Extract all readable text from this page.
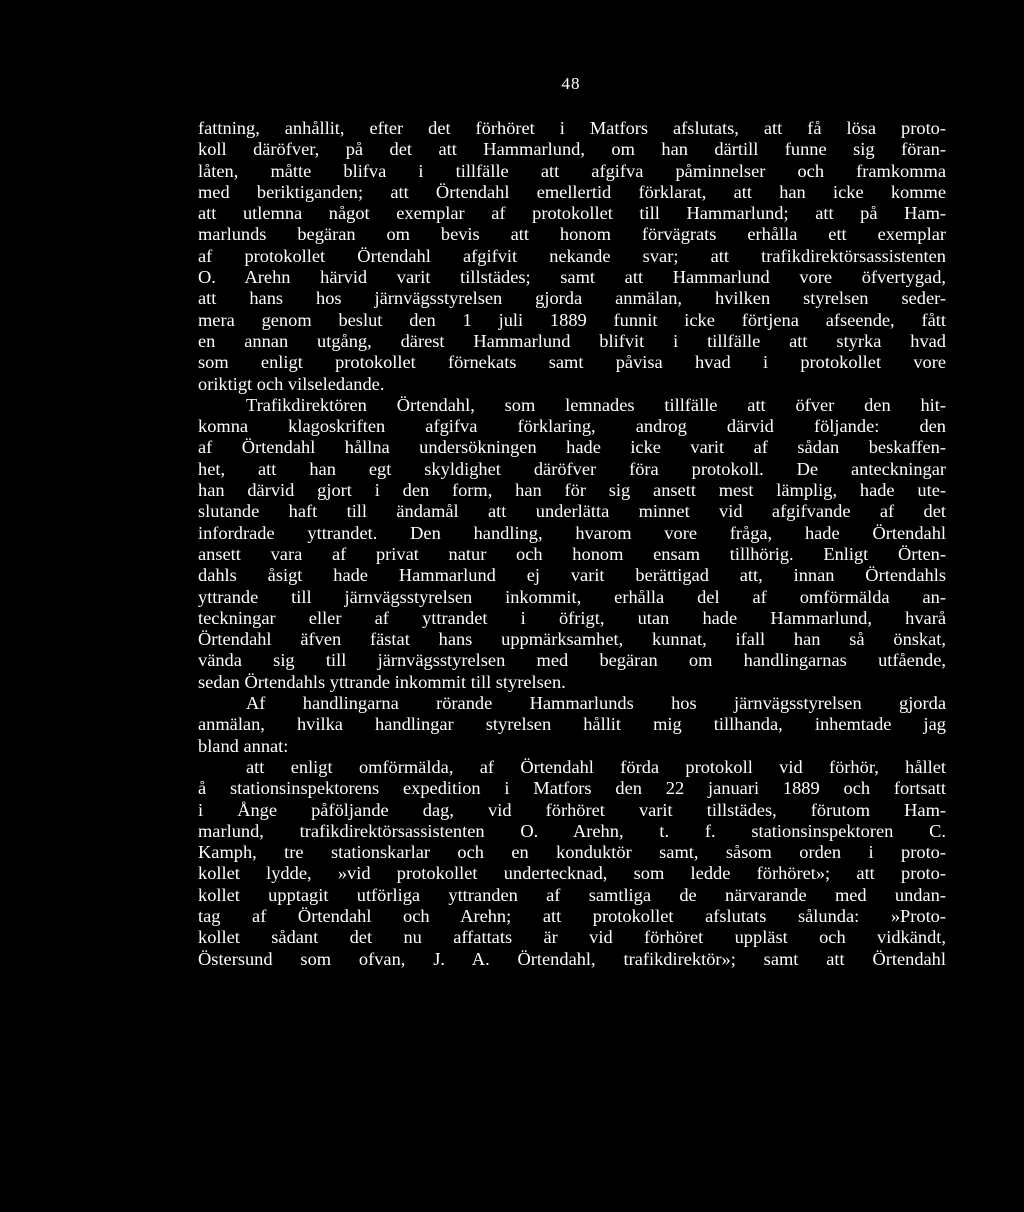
48
fattning, anhållit, efter det förhöret i Matfors afslutats, att få lösa proto-
koll däröfver, på det att Hammarlund, om han därtill funne sig föran-
låten, måtte blifva i tillfälle att afgifva påminnelser och framkomma
med beriktiganden; att Örtendahl emellertid förklarat, att han icke komme
att utlemna något exemplar af protokollet till Hammarlund; att på Ham-
marlunds begäran om bevis att honom förvägrats erhålla ett exemplar
af protokollet Örtendahl afgifvit nekande svar; att trafikdirektörsassistenten
O. Arehn härvid varit tillstädes; samt att Hammarlund vore öfvertygad,
att hans hos järnvägsstyrelsen gjorda anmälan, hvilken styrelsen seder-
mera genom beslut den 1 juli 1889 funnit icke förtjena afseende, fått
en annan utgång, därest Hammarlund blifvit i tillfälle att styrka hvad
som enligt protokollet förnekats samt påvisa hvad i protokollet vore
oriktigt och vilseledande.
Trafikdirektören Örtendahl, som lemnades tillfälle att öfver den hit-
komna klagoskriften afgifva förklaring, androg därvid följande: den
af Örtendahl hållna undersökningen hade icke varit af sådan beskaffen-
het, att han egt skyldighet däröfver föra protokoll. De anteckningar
han därvid gjort i den form, han för sig ansett mest lämplig, hade ute-
slutande haft till ändamål att underlätta minnet vid afgifvande af det
infordrade yttrandet. Den handling, hvarom vore fråga, hade Örtendahl
ansett vara af privat natur och honom ensam tillhörig. Enligt Örten-
dahls åsigt hade Hammarlund ej varit berättigad att, innan Örtendahls
yttrande till järnvägsstyrelsen inkommit, erhålla del af omförmälda an-
teckningar eller af yttrandet i öfrigt, utan hade Hammarlund, hvarå
Örtendahl äfven fästat hans uppmärksamhet, kunnat, ifall han så önskat,
vända sig till järnvägsstyrelsen med begäran om handlingarnas utfående,
sedan Örtendahls yttrande inkommit till styrelsen.
Af handlingarna rörande Hammarlunds hos järnvägsstyrelsen gjorda
anmälan, hvilka handlingar styrelsen hållit mig tillhanda, inhemtade jag
bland annat:
att enligt omförmälda, af Örtendahl förda protokoll vid förhör, hållet
å stationsinspektorens expedition i Matfors den 22 januari 1889 och fortsatt
i Ånge påföljande dag, vid förhöret varit tillstädes, förutom Ham-
marlund, trafikdirektörsassistenten O. Arehn, t. f. stationsinspektoren C.
Kamph, tre stationskarlar och en konduktör samt, såsom orden i proto-
kollet lydde, »vid protokollet undertecknad, som ledde förhöret»; att proto-
kollet upptagit utförliga yttranden af samtliga de närvarande med undan-
tag af Örtendahl och Arehn; att protokollet afslutats sålunda: »Proto-
kollet sådant det nu affattats är vid förhöret uppläst och vidkändt,
Östersund som ofvan, J. A. Örtendahl, trafikdirektör»; samt att Örtendahl
